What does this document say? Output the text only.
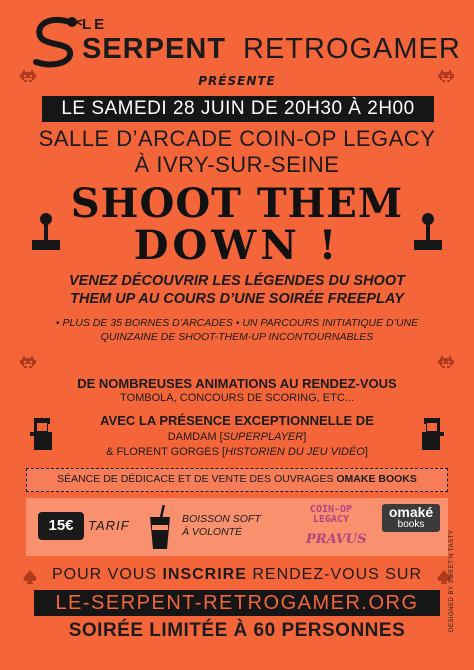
LE
SERPENT RETROGAMER
PRÉSENTE
LE SAMEDI 28 JUIN DE 20H30 À 2H00
SALLE D’ARCADE COIN-OP LEGACY
À IVRY-SUR-SEINE
SHOOT THEM
DOWN !
VENEZ DÉCOUVRIR LES LÉGENDES DU SHOOT
THEM UP AU COURS D’UNE SOIRÉE FREEPLAY
• PLUS DE 35 BORNES D’ARCADES • UN PARCOURS INITIATIQUE D’UNE
QUINZAINE DE SHOOT-THEM-UP INCONTOURNABLES
DE NOMBREUSES ANIMATIONS AU RENDEZ-VOUS
TOMBOLA, CONCOURS DE SCORING, ETC...
AVEC LA PRÉSENCE EXCEPTIONNELLE DE
DAMDAM [SUPERPLAYER]
& FLORENT GORGES [HISTORIEN DU JEU VIDÉO]
SÉANCE DE DÉDICACE ET DE VENTE DES OUVRAGES OMAKE BOOKS
15€	TARIF	BOISSON SOFT
À VOLONTÉ
COIN-OP
LEGACY
PRAVUS
omaké
books
POUR VOUS INSCRIRE RENDEZ-VOUS SUR
LE-SERPENT-RETROGAMER.ORG
SOIRÉE LIMITÉE À 60 PERSONNES	DESIGNED BY SWEET'N TASTY
